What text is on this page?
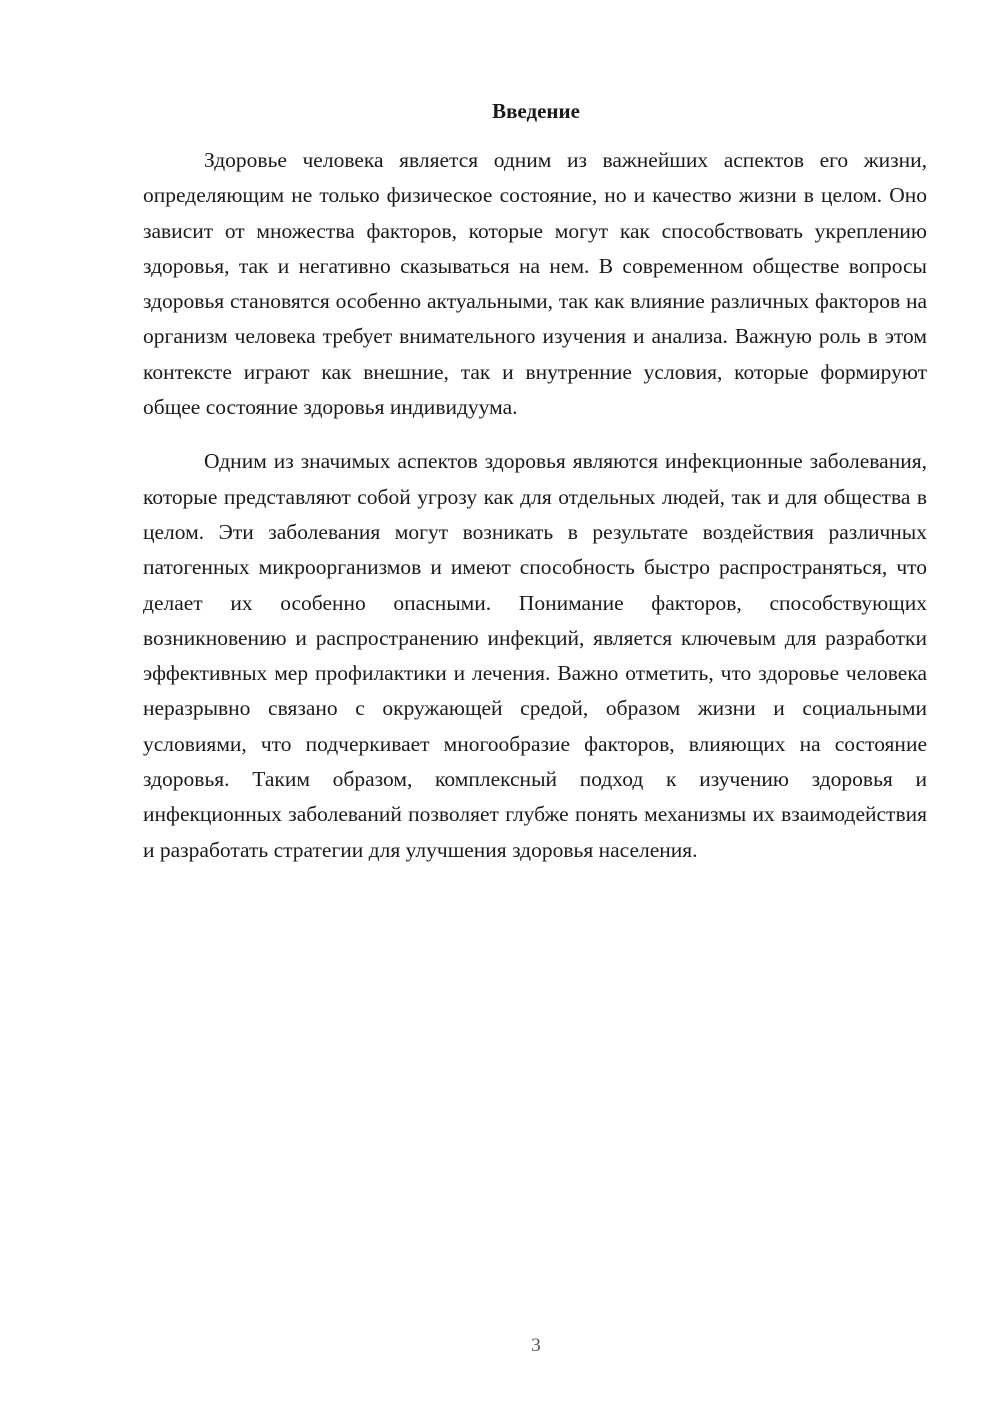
Введение

Здоровье человека является одним из важнейших аспектов его жизни, определяющим не только физическое состояние, но и качество жизни в целом. Оно зависит от множества факторов, которые могут как способствовать укреплению здоровья, так и негативно сказываться на нем. В современном обществе вопросы здоровья становятся особенно актуальными, так как влияние различных факторов на организм человека требует внимательного изучения и анализа. Важную роль в этом контексте играют как внешние, так и внутренние условия, которые формируют общее состояние здоровья индивидуума.

Одним из значимых аспектов здоровья являются инфекционные заболевания, которые представляют собой угрозу как для отдельных людей, так и для общества в целом. Эти заболевания могут возникать в результате воздействия различных патогенных микроорганизмов и имеют способность быстро распространяться, что делает их особенно опасными. Понимание факторов, способствующих возникновению и распространению инфекций, является ключевым для разработки эффективных мер профилактики и лечения. Важно отметить, что здоровье человека неразрывно связано с окружающей средой, образом жизни и социальными условиями, что подчеркивает многообразие факторов, влияющих на состояние здоровья. Таким образом, комплексный подход к изучению здоровья и инфекционных заболеваний позволяет глубже понять механизмы их взаимодействия и разработать стратегии для улучшения здоровья населения.

3
